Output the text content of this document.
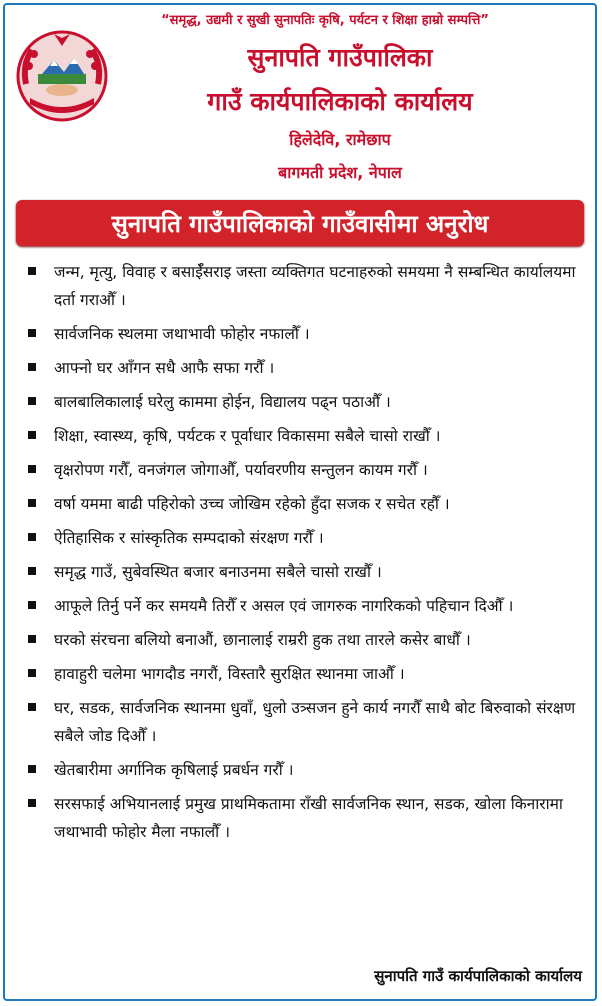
“समृद्ध, उद्यमी र सुखी सुनापतिः कृषि, पर्यटन र शिक्षा हाम्रो सम्पत्ति”
सुनापति गाउँपालिका
गाउँ कार्यपालिकाको कार्यालय
हिलेदेवि, रामेछाप
बागमती प्रदेश, नेपाल
सुनापति गाउँपालिकाको गाउँवासीमा अनुरोध
जन्म, मृत्यु, विवाह र बसाईँसराइ जस्ता व्यक्तिगत घटनाहरुको समयमा नै सम्बन्धित कार्यालयमा दर्ता गराऔँ ।
सार्वजनिक स्थलमा जथाभावी फोहोर नफालौँ ।
आफ्नो घर आँगन सधै आफै सफा गरौँ ।
बालबालिकालाई घरेलु काममा होईन, विद्यालय पढ्न पठाऔँ ।
शिक्षा, स्वास्थ्य, कृषि, पर्यटक र पूर्वाधार विकासमा सबैले चासो राखौँ ।
वृक्षरोपण गरौँ, वनजंगल जोगाऔँ, पर्यावरणीय सन्तुलन कायम गरौँ ।
वर्षा यममा बाढी पहिरोको उच्च जोखिम रहेको हुँदा सजक र सचेत रहौँ ।
ऐतिहासिक र सांस्कृतिक सम्पदाको संरक्षण गरौँ ।
समृद्ध गाउँ, सुबेवस्थित बजार बनाउनमा सबैले चासो राखौँ ।
आफूले तिर्नु पर्ने कर समयमै तिरौँ र असल एवं जागरुक नागरिकको पहिचान दिऔँ ।
घरको संरचना बलियो बनाऔं, छानालाई राम्ररी हुक तथा तारले कसेर बाधौँ ।
हावाहुरी चलेमा भागदौड नगरौं, विस्तारै सुरक्षित स्थानमा जाऔँ ।
घर, सडक, सार्वजनिक स्थानमा धुवाँ, धुलो उत्र्सजन हुने कार्य नगरौँ साथै बोट बिरुवाको संरक्षण सबैले जोड दिऔँ ।
खेतबारीमा अर्गानिक कृषिलाई प्रबर्धन गरौँ ।
सरसफाई अभियानलाई प्रमुख प्राथमिकतामा राँखी सार्वजनिक स्थान, सडक, खोला किनारामा जथाभावी फोहोर मैला नफालौँ ।
सुनापति गाउँ कार्यपालिकाको कार्यालय
